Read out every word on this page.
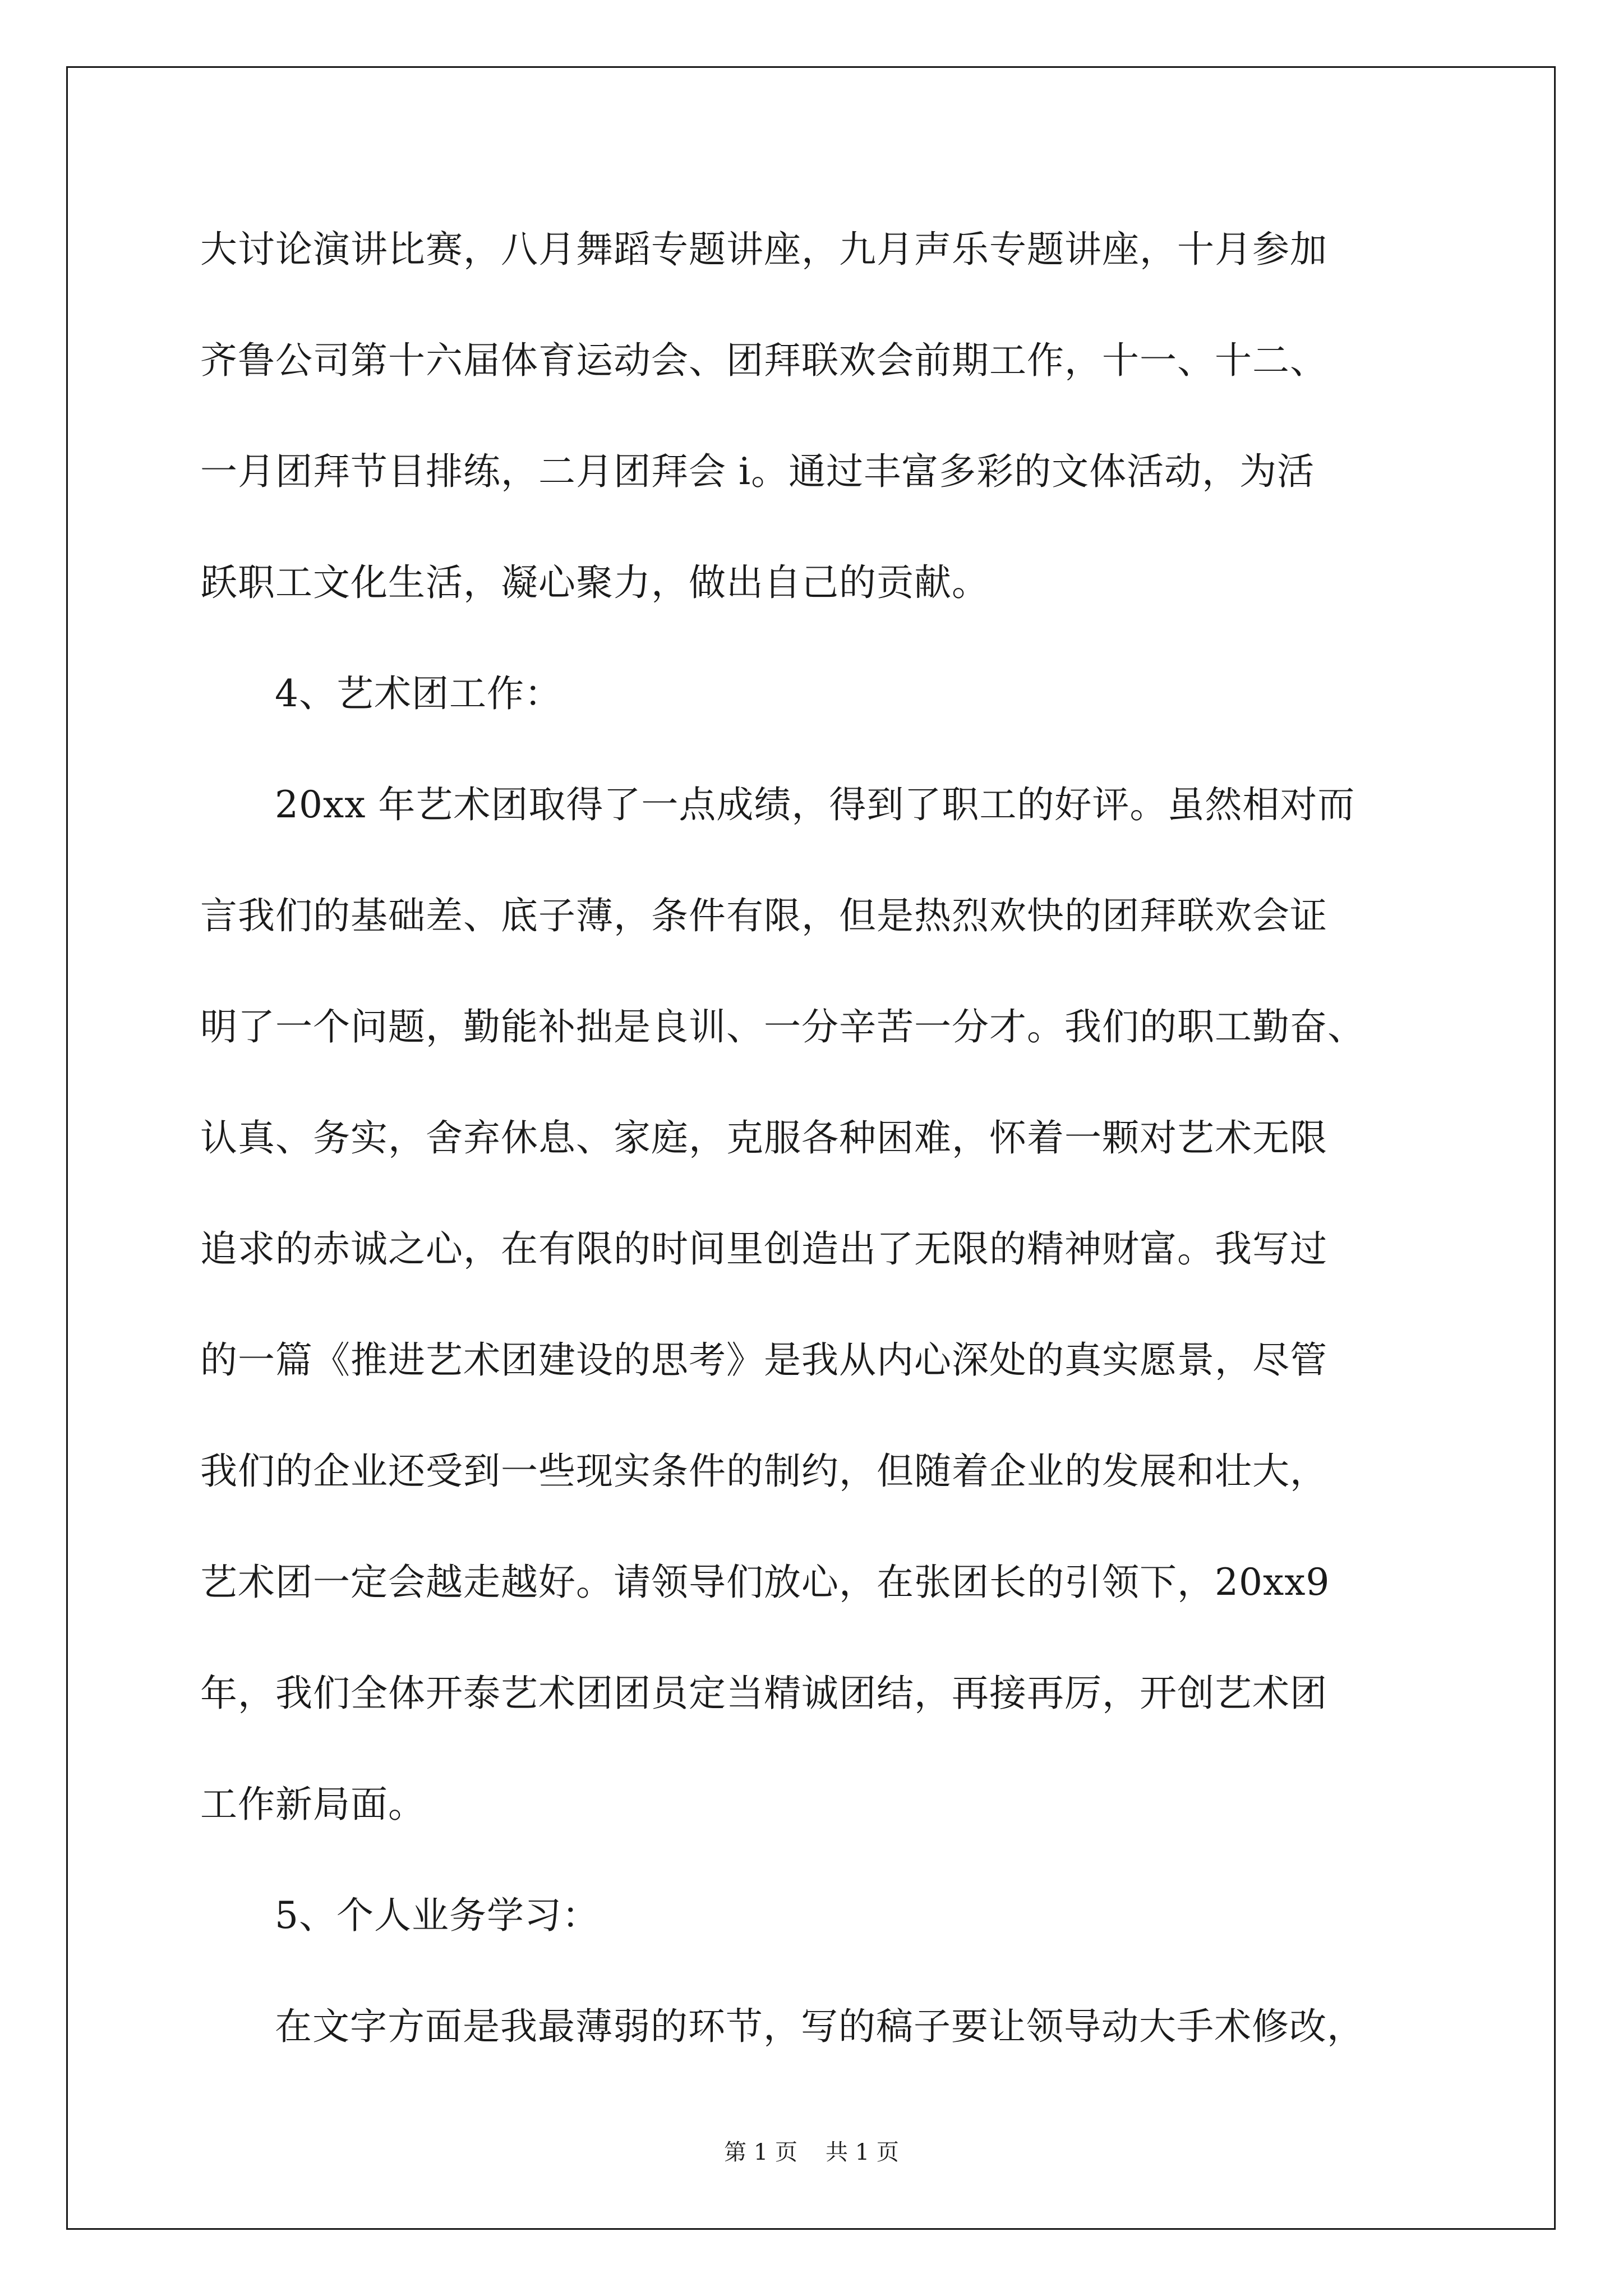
大讨论演讲比赛，八月舞蹈专题讲座，九月声乐专题讲座，十月参加

齐鲁公司第十六届体育运动会、团拜联欢会前期工作，十一、十二、

一月团拜节目排练，二月团拜会 i。通过丰富多彩的文体活动，为活

跃职工文化生活，凝心聚力，做出自己的贡献。

4、艺术团工作：

20xx 年艺术团取得了一点成绩，得到了职工的好评。虽然相对而

言我们的基础差、底子薄，条件有限，但是热烈欢快的团拜联欢会证

明了一个问题，勤能补拙是良训、一分辛苦一分才。我们的职工勤奋、

认真、务实，舍弃休息、家庭，克服各种困难，怀着一颗对艺术无限

追求的赤诚之心，在有限的时间里创造出了无限的精神财富。我写过

的一篇《推进艺术团建设的思考》是我从内心深处的真实愿景，尽管

我们的企业还受到一些现实条件的制约，但随着企业的发展和壮大，

艺术团一定会越走越好。请领导们放心，在张团长的引领下，20xx9

年，我们全体开泰艺术团团员定当精诚团结，再接再厉，开创艺术团

工作新局面。

5、个人业务学习：

在文字方面是我最薄弱的环节，写的稿子要让领导动大手术修改，

第 1 页 共 1 页
